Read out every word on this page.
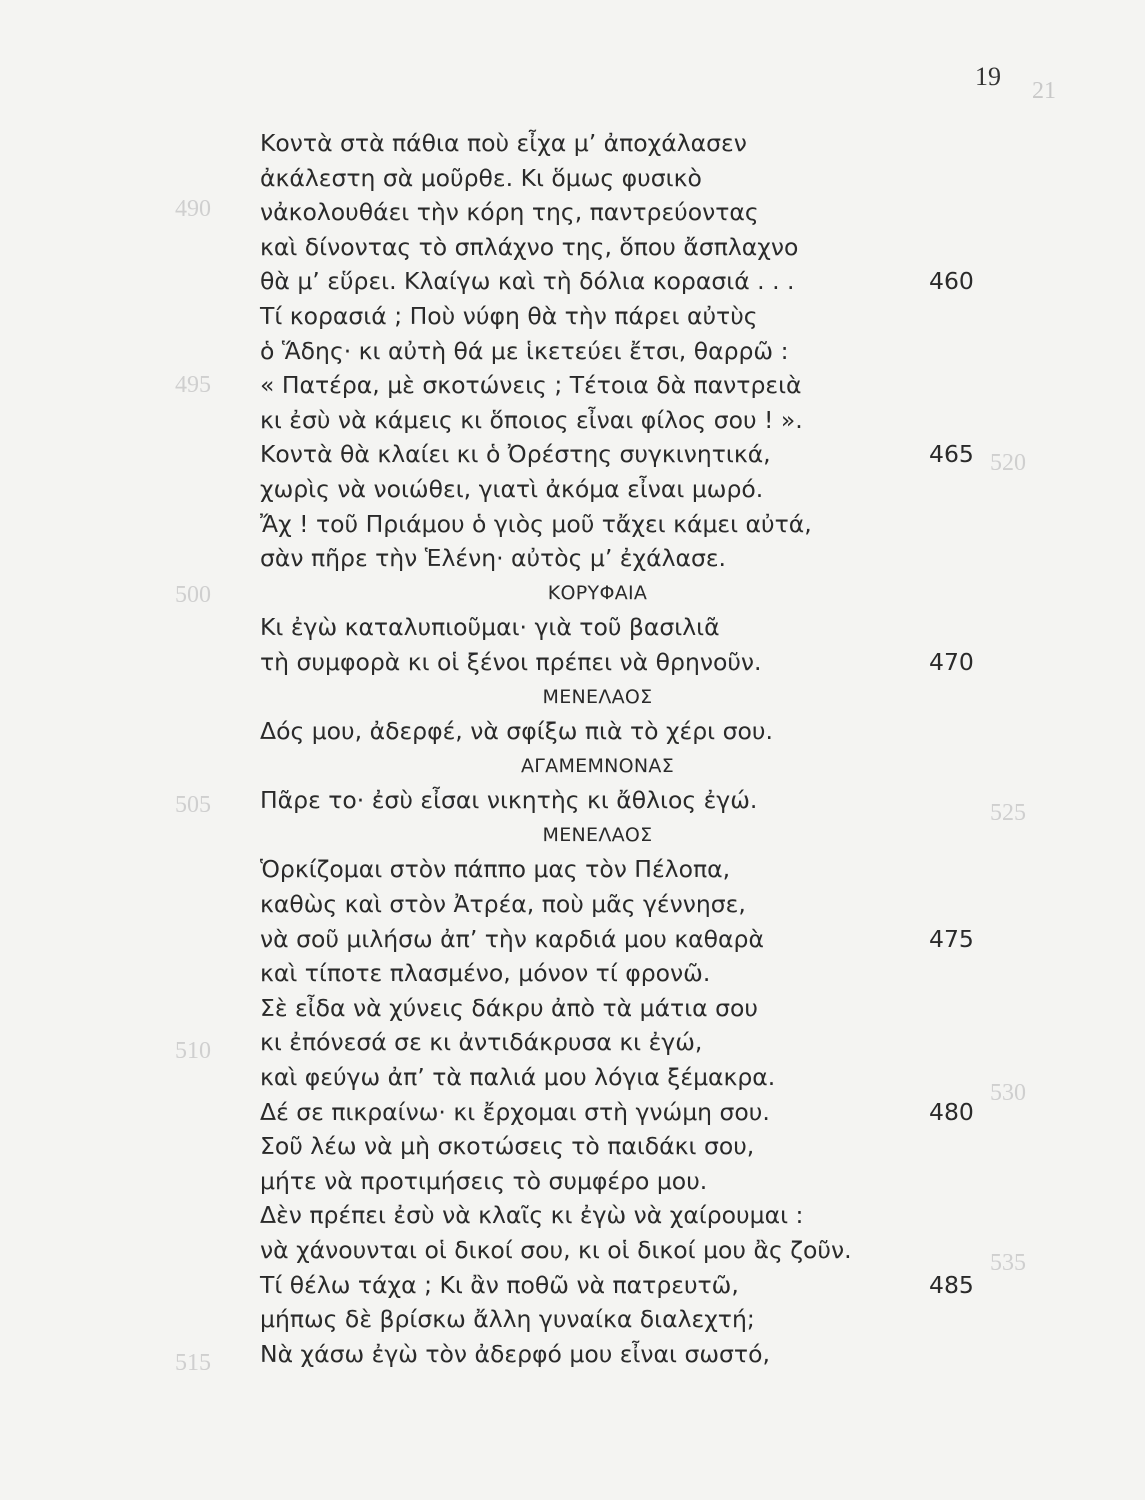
21
490
495
500
505
510
515
520
525
530
535
19
Κοντὰ στὰ πάθια ποὺ εἶχα μ’ ἀποχάλασεν
ἀκάλεστη σὰ μοῦρθε. Κι ὅμως φυσικὸ
νἀκολουθάει τὴν κόρη της, παντρεύοντας
καὶ δίνοντας τὸ σπλάχνο της, ὅπου ἄσπλαχνο
θὰ μ’ εὕρει. Κλαίγω καὶ τὴ δόλια κορασιά . . .	460
Τί κορασιά ; Ποὺ νύφη θὰ τὴν πάρει αὐτὺς
ὁ Ἅδης· κι αὐτὴ θά με ἱκετεύει ἔτσι, θαρρῶ :
« Πατέρα, μὲ σκοτώνεις ; Τέτοια δὰ παντρειὰ
κι ἐσὺ νὰ κάμεις κι ὅποιος εἶναι φίλος σου ! ».
Κοντὰ θὰ κλαίει κι ὁ Ὀρέστης συγκινητικά,	465
χωρὶς νὰ νοιώθει, γιατὶ ἀκόμα εἶναι μωρό.
Ἄχ ! τοῦ Πριάμου ὁ γιὸς μοῦ τἄχει κάμει αὐτά,
σὰν πῆρε τὴν Ἑλένη· αὐτὸς μ’ ἐχάλασε.
ΚΟΡΥΦΑΙΑ
Κι ἐγὼ καταλυπιοῦμαι· γιὰ τοῦ βασιλιᾶ
τὴ συμφορὰ κι οἱ ξένοι πρέπει νὰ θρηνοῦν.	470
ΜΕΝΕΛΑΟΣ
Δός μου, ἀδερφέ, νὰ σφίξω πιὰ τὸ χέρι σου.
ΑΓΑΜΕΜΝΟΝΑΣ
Πᾶρε το· ἐσὺ εἶσαι νικητὴς κι ἄθλιος ἐγώ.
ΜΕΝΕΛΑΟΣ
Ὁρκίζομαι στὸν πάππο μας τὸν Πέλοπα,
καθὼς καὶ στὸν Ἀτρέα, ποὺ μᾶς γέννησε,
νὰ σοῦ μιλήσω ἀπ’ τὴν καρδιά μου καθαρὰ	475
καὶ τίποτε πλασμένο, μόνον τί φρονῶ.
Σὲ εἶδα νὰ χύνεις δάκρυ ἀπὸ τὰ μάτια σου
κι ἐπόνεσά σε κι ἀντιδάκρυσα κι ἐγώ,
καὶ φεύγω ἀπ’ τὰ παλιά μου λόγια ξέμακρα.
Δέ σε πικραίνω· κι ἔρχομαι στὴ γνώμη σου.	480
Σοῦ λέω νὰ μὴ σκοτώσεις τὸ παιδάκι σου,
μήτε νὰ προτιμήσεις τὸ συμφέρο μου.
Δὲν πρέπει ἐσὺ νὰ κλαῖς κι ἐγὼ νὰ χαίρουμαι :
νὰ χάνουνται οἱ δικοί σου, κι οἱ δικοί μου ἂς ζοῦν.
Τί θέλω τάχα ; Κι ἂν ποθῶ νὰ πατρευτῶ,	485
μήπως δὲ βρίσκω ἄλλη γυναίκα διαλεχτή;
Νὰ χάσω ἐγὼ τὸν ἀδερφό μου εἶναι σωστό,
